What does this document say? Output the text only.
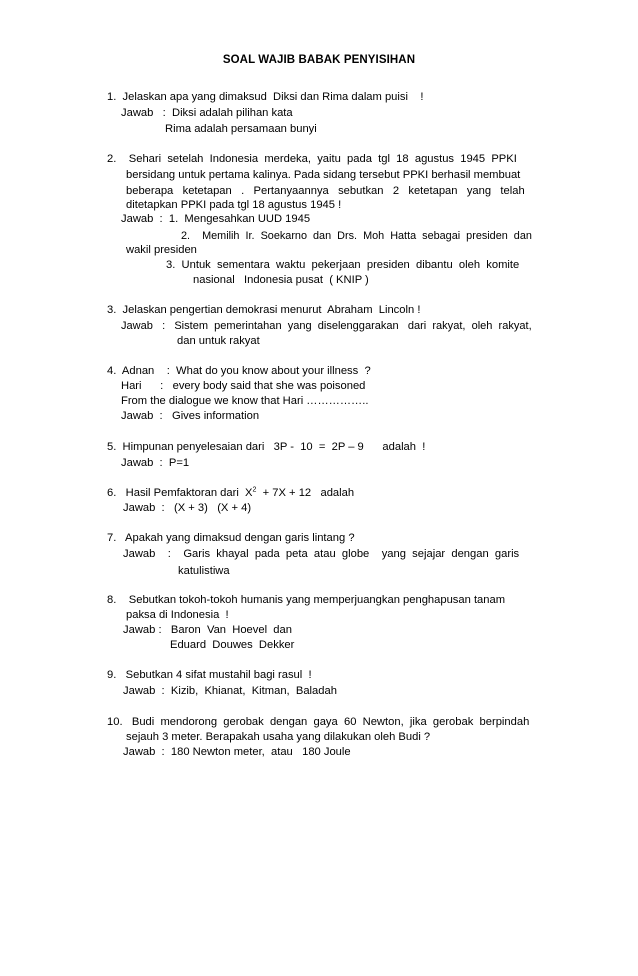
SOAL WAJIB BABAK PENYISIHAN
1.  Jelaskan apa yang dimaksud  Diksi dan Rima dalam puisi    !
Jawab   :  Diksi adalah pilihan kata
Rima adalah persamaan bunyi
2.    Sehari  setelah  Indonesia  merdeka,  yaitu  pada  tgl  18  agustus  1945  PPKI
bersidang untuk pertama kalinya. Pada sidang tersebut PPKI berhasil membuat
beberapa   ketetapan   .   Pertanyaannya   sebutkan   2   ketetapan   yang   telah
ditetapkan PPKI pada tgl 18 agustus 1945 !
Jawab  :  1.  Mengesahkan UUD 1945
2.    Memilih  Ir.  Soekarno  dan  Drs.  Moh  Hatta  sebagai  presiden  dan
wakil presiden
3.  Untuk  sementara  waktu  pekerjaan  presiden  dibantu  oleh  komite
nasional   Indonesia pusat  ( KNIP )
3.  Jelaskan pengertian demokrasi menurut  Abraham  Lincoln !
Jawab   :   Sistem  pemerintahan  yang  diselenggarakan   dari  rakyat,  oleh  rakyat,
dan untuk rakyat
4.  Adnan    :  What do you know about your illness  ?
Hari      :   every body said that she was poisoned
From the dialogue we know that Hari ……………..
Jawab  :   Gives information
5.  Himpunan penyelesaian dari   3P -  10  =  2P – 9      adalah  !
Jawab  :  P=1
6.   Hasil Pemfaktoran dari  $X^2 + 7X + 12$   adalah
Jawab  :   (X + 3)   (X + 4)
7.   Apakah yang dimaksud dengan garis lintang ?
Jawab    :    Garis  khayal  pada  peta  atau  globe    yang  sejajar  dengan  garis
katulistiwa
8.    Sebutkan tokoh-tokoh humanis yang memperjuangkan penghapusan tanam
paksa di Indonesia  !
Jawab :   Baron  Van  Hoevel  dan
Eduard  Douwes  Dekker
9.   Sebutkan 4 sifat mustahil bagi rasul  !
Jawab  :  Kizib,  Khianat,  Kitman,  Baladah
10.   Budi  mendorong  gerobak  dengan  gaya  60  Newton,  jika  gerobak  berpindah
sejauh 3 meter. Berapakah usaha yang dilakukan oleh Budi ?
Jawab  :  180 Newton meter,  atau   180 Joule
